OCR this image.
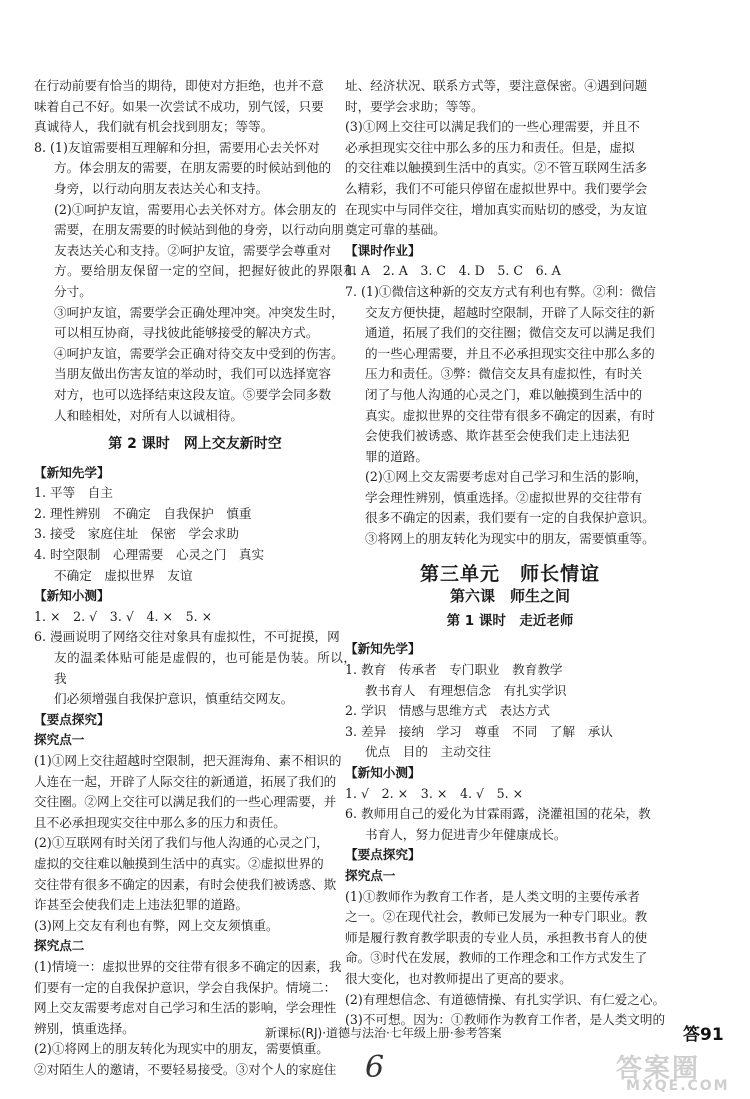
在行动前要有恰当的期待，即使对方拒绝，也并不意

味着自己不好。如果一次尝试不成功，别气馁，只要

真诚待人，我们就有机会找到朋友；等等。

8. (1)友谊需要相互理解和分担，需要用心去关怀对

方。体会朋友的需要，在朋友需要的时候站到他的

身旁，以行动向朋友表达关心和支持。

(2)①呵护友谊，需要用心去关怀对方。体会朋友的

需要，在朋友需要的时候站到他的身旁，以行动向朋

友表达关心和支持。②呵护友谊，需要学会尊重对

方。要给朋友保留一定的空间，把握好彼此的界限和分寸。

③呵护友谊，需要学会正确处理冲突。冲突发生时，

可以相互协商，寻找彼此能够接受的解决方式。

④呵护友谊，需要学会正确对待交友中受到的伤害。

当朋友做出伤害友谊的举动时，我们可以选择宽容

对方，也可以选择结束这段友谊。⑤要学会同多数

人和睦相处，对所有人以诚相待。

第 2 课时　网上交友新时空

【新知先学】

1. 平等　自主

2. 理性辨别　不确定　自我保护　慎重

3. 接受　家庭住址　保密　学会求助

4. 时空限制　心理需要　心灵之门　真实

不确定　虚拟世界　友谊

【新知小测】

1. ×　2. √　3. √　4. ×　5. ×

6. 漫画说明了网络交往对象具有虚拟性，不可捉摸，网

友的温柔体贴可能是虚假的，也可能是伪装。所以，我

们必须增强自我保护意识，慎重结交网友。

【要点探究】

探究点一

(1)①网上交往超越时空限制，把天涯海角、素不相识的

人连在一起，开辟了人际交往的新通道，拓展了我们的

交往圈。②网上交往可以满足我们的一些心理需要，并

且不必承担现实交往中那么多的压力和责任。

(2)①互联网有时关闭了我们与他人沟通的心灵之门，

虚拟的交往难以触摸到生活中的真实。②虚拟世界的

交往带有很多不确定的因素，有时会使我们被诱惑、欺

诈甚至会使我们走上违法犯罪的道路。

(3)网上交友有利也有弊，网上交友须慎重。

探究点二

(1)情境一：虚拟世界的交往带有很多不确定的因素，我

们要有一定的自我保护意识，学会自我保护。情境二：

网上交友需要考虑对自己学习和生活的影响，学会理性

辨别，慎重选择。

(2)①将网上的朋友转化为现实中的朋友，需要慎重。

②对陌生人的邀请，不要轻易接受。③对个人的家庭住

址、经济状况、联系方式等，要注意保密。④遇到问题

时，要学会求助；等等。

(3)①网上交往可以满足我们的一些心理需要，并且不

必承担现实交往中那么多的压力和责任。但是，虚拟

的交往难以触摸到生活中的真实。②不管互联网生活多

么精彩，我们不可能只停留在虚拟世界中。我们要学会

在现实中与同伴交往，增加真实而贴切的感受，为友谊

奠定可靠的基础。

【课时作业】

1. A　2. A　3. C　4. D　5. C　6. A

7. (1)①微信这种新的交友方式有利也有弊。②利：微信

交友方便快捷，超越时空限制，开辟了人际交往的新

通道，拓展了我们的交往圈；微信交友可以满足我们

的一些心理需要，并且不必承担现实交往中那么多的

压力和责任。③弊：微信交友具有虚拟性，有时关

闭了与他人沟通的心灵之门，难以触摸到生活中的

真实。虚拟世界的交往带有很多不确定的因素，有时

会使我们被诱惑、欺诈甚至会使我们走上违法犯

罪的道路。

(2)①网上交友需要考虑对自己学习和生活的影响，

学会理性辨别，慎重选择。②虚拟世界的交往带有

很多不确定的因素，我们要有一定的自我保护意识。

③将网上的朋友转化为现实中的朋友，需要慎重等。

第三单元　师长情谊
第六课　师生之间
第 1 课时　走近老师

【新知先学】

1. 教育　传承者　专门职业　教育教学

教书育人　有理想信念　有扎实学识

2. 学识　情感与思维方式　表达方式

3. 差异　接纳　学习　尊重　不同　了解　承认

优点　目的　主动交往

【新知小测】

1. √　2. ×　3. ×　4. √　5. ×

6. 教师用自己的爱化为甘霖雨露，浇灌祖国的花朵，教

书育人，努力促进青少年健康成长。

【要点探究】

探究点一

(1)①教师作为教育工作者，是人类文明的主要传承者

之一。②在现代社会，教师已发展为一种专门职业。教

师是履行教育教学职责的专业人员，承担教书育人的使

命。③时代在发展，教师的工作理念和工作方式发生了

很大变化，也对教师提出了更高的要求。

(2)有理想信念、有道德情操、有扎实学识、有仁爱之心。

(3)不可想。因为：①教师作为教育工作者，是人类文明的

新课标(RJ)·道德与法治·七年级上册·参考答案	答91
6	答案圈
MXQE.COM
